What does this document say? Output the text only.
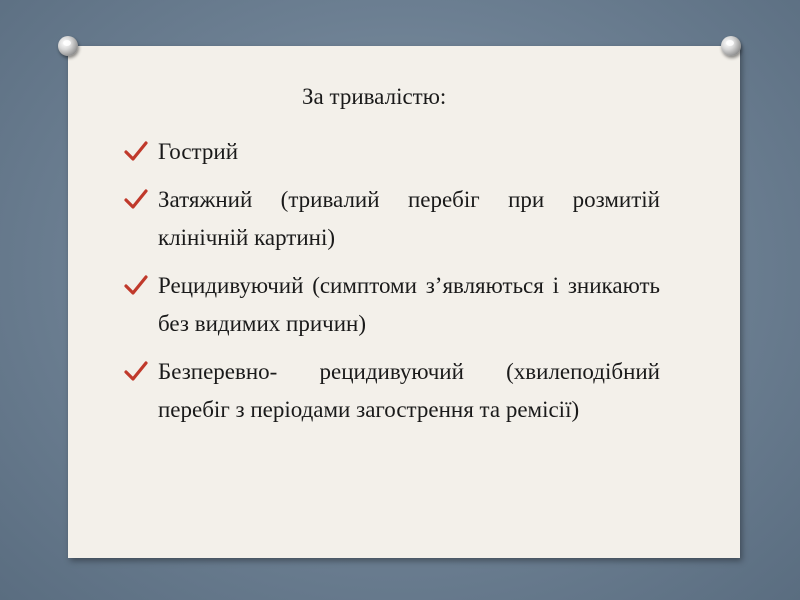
За тривалістю:
Гострий
Затяжний (тривалий перебіг при розмитій клінічній картині)
Рецидивуючий (симптоми з’являються і зникають без видимих причин)
Безперевно- рецидивуючий (хвилеподібний перебіг з періодами загострення та ремісії)
